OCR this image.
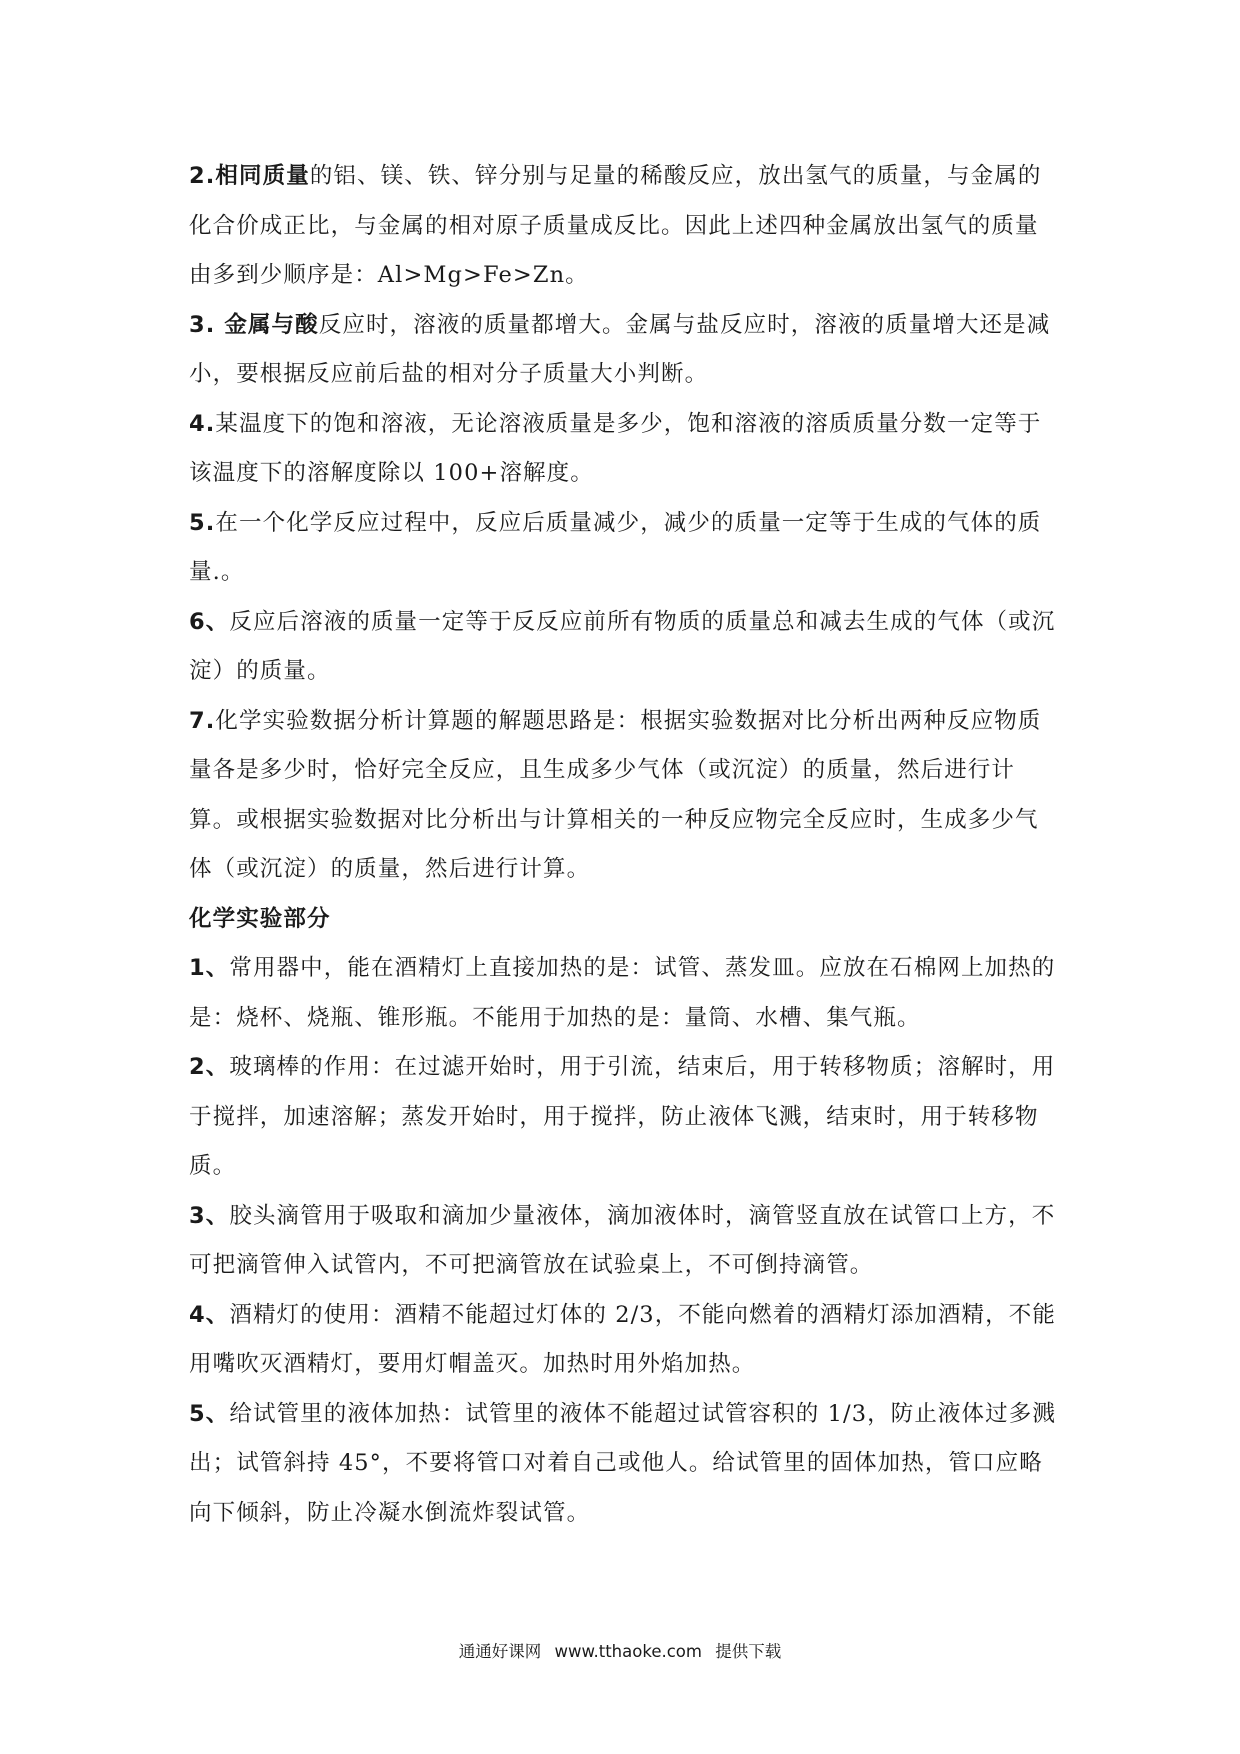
2.相同质量的铝、镁、铁、锌分别与足量的稀酸反应，放出氢气的质量，与金属的化合价成正比，与金属的相对原子质量成反比。因此上述四种金属放出氢气的质量由多到少顺序是：Al>Mg>Fe>Zn。

3. 金属与酸反应时，溶液的质量都增大。金属与盐反应时，溶液的质量增大还是减小，要根据反应前后盐的相对分子质量大小判断。

4.某温度下的饱和溶液，无论溶液质量是多少，饱和溶液的溶质质量分数一定等于该温度下的溶解度除以 100+溶解度。

5.在一个化学反应过程中，反应后质量减少，减少的质量一定等于生成的气体的质量.。

6、反应后溶液的质量一定等于反反应前所有物质的质量总和减去生成的气体（或沉淀）的质量。

7.化学实验数据分析计算题的解题思路是：根据实验数据对比分析出两种反应物质量各是多少时，恰好完全反应，且生成多少气体（或沉淀）的质量，然后进行计算。或根据实验数据对比分析出与计算相关的一种反应物完全反应时，生成多少气体（或沉淀）的质量，然后进行计算。

化学实验部分

1、常用器中，能在酒精灯上直接加热的是：试管、蒸发皿。应放在石棉网上加热的是：烧杯、烧瓶、锥形瓶。不能用于加热的是：量筒、水槽、集气瓶。

2、玻璃棒的作用：在过滤开始时，用于引流，结束后，用于转移物质；溶解时，用于搅拌，加速溶解；蒸发开始时，用于搅拌，防止液体飞溅，结束时，用于转移物质。

3、胶头滴管用于吸取和滴加少量液体，滴加液体时，滴管竖直放在试管口上方，不可把滴管伸入试管内，不可把滴管放在试验桌上，不可倒持滴管。

4、酒精灯的使用：酒精不能超过灯体的 2/3，不能向燃着的酒精灯添加酒精，不能用嘴吹灭酒精灯，要用灯帽盖灭。加热时用外焰加热。

5、给试管里的液体加热：试管里的液体不能超过试管容积的 1/3，防止液体过多溅出；试管斜持 45°，不要将管口对着自己或他人。给试管里的固体加热，管口应略向下倾斜，防止冷凝水倒流炸裂试管。

通通好课网 www.tthaoke.com 提供下载
